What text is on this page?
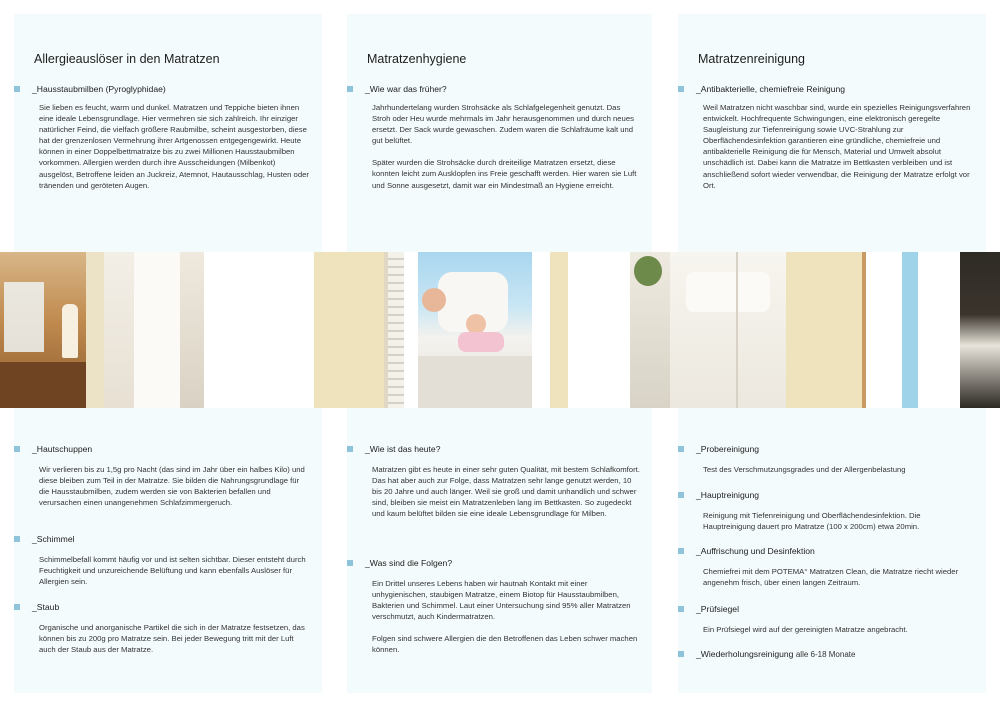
Allergieauslöser in den Matratzen
_Hausstaubmilben (Pyroglyphidae)

Sie lieben es feucht, warm und dunkel. Matratzen und Teppiche bieten ihnen eine ideale Lebensgrundlage. Hier vermehren sie sich zahlreich. Ihr einziger natürlicher Feind, die vielfach größere Raubmilbe, scheint ausgestorben, diese hat der grenzenlosen Vermehrung ihrer Artgenossen entgegengewirkt. Heute können in einer Doppelbettmatratze bis zu zwei Millionen Hausstaubmilben vorkommen. Allergien werden durch ihre Ausscheidungen (Milbenkot) ausgelöst, Betroffene leiden an Juckreiz, Atemnot, Hautausschlag, Husten oder tränenden und geröteten Augen.

Matratzenhygiene
_Wie war das früher?

Jahrhundertelang wurden Strohsäcke als Schlafgelegenheit genutzt. Das Stroh oder Heu wurde mehrmals im Jahr herausgenommen und durch neues ersetzt. Der Sack wurde gewaschen. Zudem waren die Schlafräume kalt und gut belüftet.

Später wurden die Strohsäcke durch dreiteilige Matratzen ersetzt, diese konnten leicht zum Ausklopfen ins Freie geschafft werden. Hier waren sie Luft und Sonne ausgesetzt, damit war ein Mindestmaß an Hygiene erreicht.

Matratzenreinigung
_Antibakterielle, chemiefreie Reinigung

Weil Matratzen nicht waschbar sind, wurde ein spezielles Reinigungsverfahren entwickelt. Hochfrequente Schwingungen, eine elektronisch geregelte Saugleistung zur Tiefenreinigung sowie UVC-Strahlung zur Oberflächendesinfektion garantieren eine gründliche, chemiefreie und antibakterielle Reinigung die für Mensch, Material und Umwelt absolut unschädlich ist. Dabei kann die Matratze im Bettkasten verbleiben und ist anschließend sofort wieder verwendbar, die Reinigung der Matratze erfolgt vor Ort.

_Hautschuppen

Wir verlieren bis zu 1,5g pro Nacht (das sind im Jahr über ein halbes Kilo) und diese bleiben zum Teil in der Matratze. Sie bilden die Nahrungsgrundlage für die Hausstaubmilben, zudem werden sie von Bakterien befallen und verursachen einen unangenehmen Schlafzimmergeruch.

_Schimmel

Schimmelbefall kommt häufig vor und ist selten sichtbar. Dieser entsteht durch Feuchtigkeit und unzureichende Belüftung und kann ebenfalls Auslöser für Allergien sein.

_Staub

Organische und anorganische Partikel die sich in der Matratze festsetzen, das können bis zu 200g pro Matratze sein. Bei jeder Bewegung tritt mit der Luft auch der Staub aus der Matratze.

_Wie ist das heute?

Matratzen gibt es heute in einer sehr guten Qualität, mit bestem Schlafkomfort. Das hat aber auch zur Folge, dass Matratzen sehr lange genutzt werden, 10 bis 20 Jahre und auch länger. Weil sie groß und damit unhandlich und schwer sind, bleiben sie meist ein Matratzenleben lang im Bettkasten. So zugedeckt und kaum belüftet bilden sie eine ideale Lebensgrundlage für Milben.

_Was sind die Folgen?

Ein Drittel unseres Lebens haben wir hautnah Kontakt mit einer unhygienischen, staubigen Matratze, einem Biotop für Hausstaubmilben, Bakterien und Schimmel. Laut einer Untersuchung sind 95% aller Matratzen verschmutzt, auch Kindermatratzen.

Folgen sind schwere Allergien die den Betroffenen das Leben schwer machen können.

_Probereinigung

Test des Verschmutzungsgrades und der Allergenbelastung

_Hauptreinigung

Reinigung mit Tiefenreinigung und Oberflächendesinfektion. Die Hauptreinigung dauert pro Matratze (100 x 200cm) etwa 20min.

_Auffrischung und Desinfektion

Chemiefrei mit dem POTEMA° Matratzen Clean, die Matratze riecht wieder angenehm frisch, über einen langen Zeitraum.

_Prüfsiegel

Ein Prüfsiegel wird auf der gereinigten Matratze angebracht.

_Wiederholungsreinigung alle 6-18 Monate
